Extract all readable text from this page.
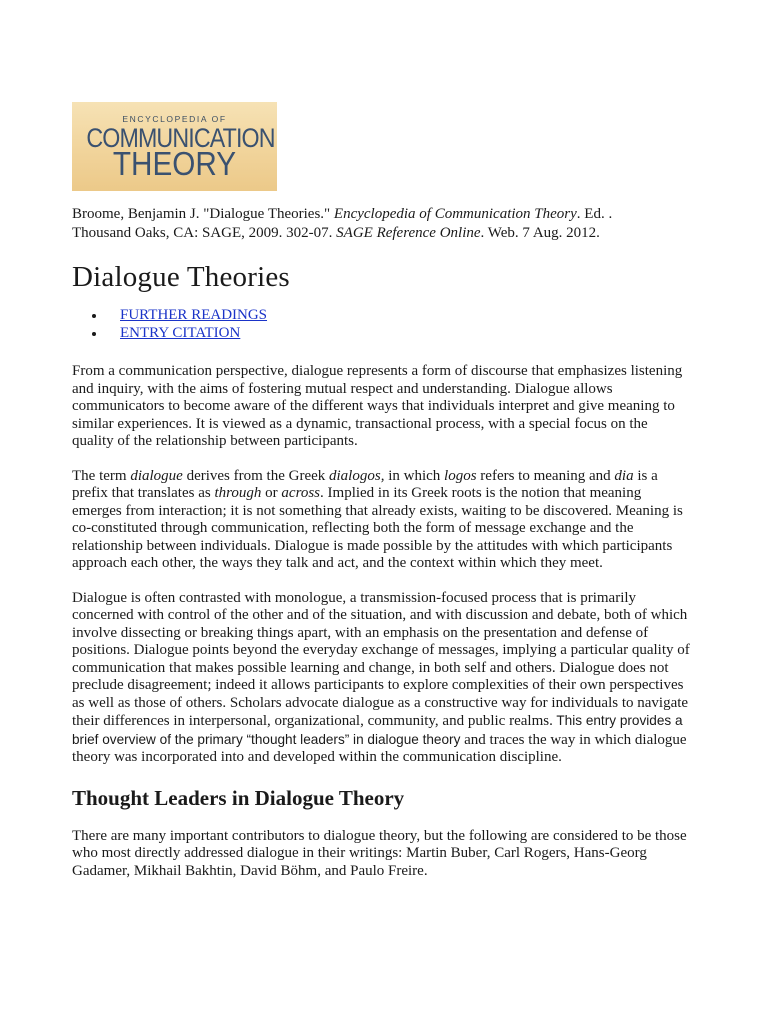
ENCYCLOPEDIA OF
COMMUNICATION
THEORY
Broome, Benjamin J. "Dialogue Theories." Encyclopedia of Communication Theory. Ed. . Thousand Oaks, CA: SAGE, 2009. 302-07. SAGE Reference Online. Web. 7 Aug. 2012.
Dialogue Theories
FURTHER READINGS
ENTRY CITATION

From a communication perspective, dialogue represents a form of discourse that emphasizes listening and inquiry, with the aims of fostering mutual respect and understanding. Dialogue allows communicators to become aware of the different ways that individuals interpret and give meaning to similar experiences. It is viewed as a dynamic, transactional process, with a special focus on the quality of the relationship between participants.

The term dialogue derives from the Greek dialogos, in which logos refers to meaning and dia is a prefix that translates as through or across. Implied in its Greek roots is the notion that meaning emerges from interaction; it is not something that already exists, waiting to be discovered. Meaning is co-constituted through communication, reflecting both the form of message exchange and the relationship between individuals. Dialogue is made possible by the attitudes with which participants approach each other, the ways they talk and act, and the context within which they meet.

Dialogue is often contrasted with monologue, a transmission-focused process that is primarily concerned with control of the other and of the situation, and with discussion and debate, both of which involve dissecting or breaking things apart, with an emphasis on the presentation and defense of positions. Dialogue points beyond the everyday exchange of messages, implying a particular quality of communication that makes possible learning and change, in both self and others. Dialogue does not preclude disagreement; indeed it allows participants to explore complexities of their own perspectives as well as those of others. Scholars advocate dialogue as a constructive way for individuals to navigate their differences in interpersonal, organizational, community, and public realms. This entry provides a brief overview of the primary “thought leaders” in dialogue theory and traces the way in which dialogue theory was incorporated into and developed within the communication discipline.

Thought Leaders in Dialogue Theory

There are many important contributors to dialogue theory, but the following are considered to be those who most directly addressed dialogue in their writings: Martin Buber, Carl Rogers, Hans-Georg Gadamer, Mikhail Bakhtin, David Böhm, and Paulo Freire.
